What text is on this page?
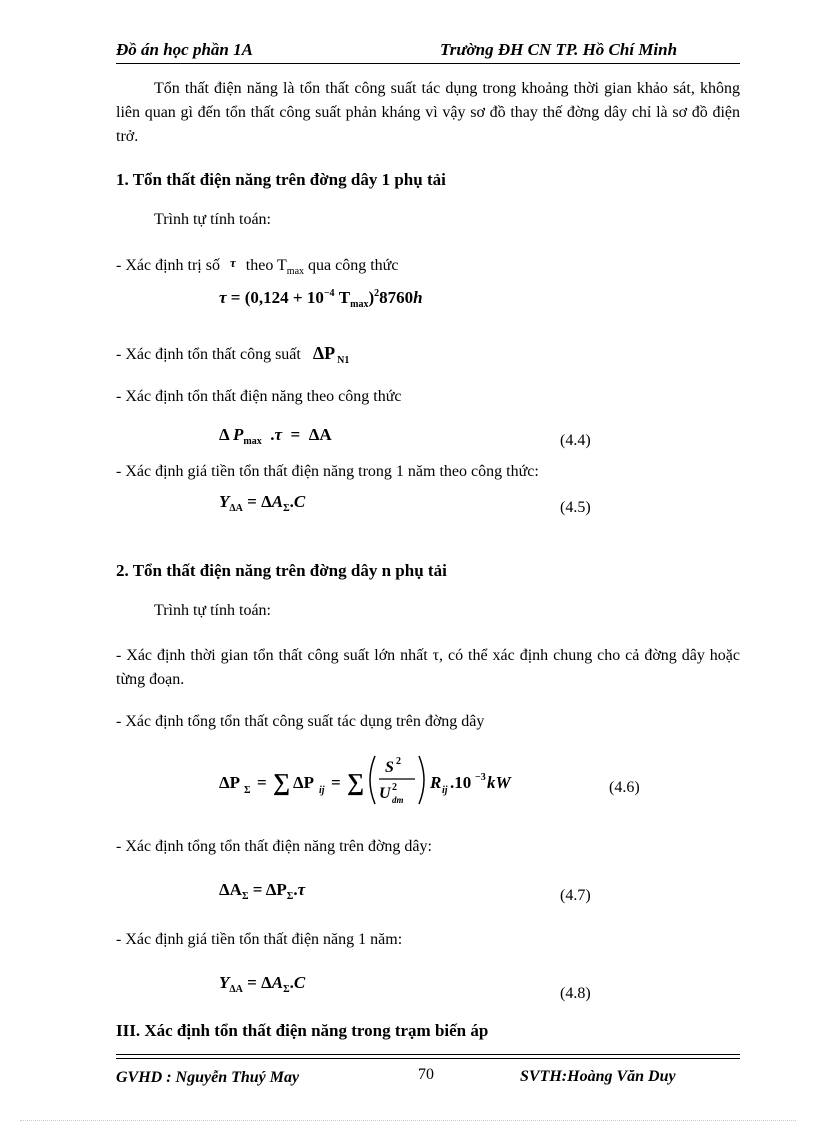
Đồ án học phần 1A	Trường ĐH CN TP. Hồ Chí Minh
Tổn thất điện năng là tổn thất công suất tác dụng trong khoảng thời gian khảo sát, không liên quan gì đến tổn thất công suất phản kháng vì vậy sơ đồ thay thế đờng dây chỉ là sơ đồ điện trở.
1. Tổn thất điện năng trên đờng dây 1 phụ tải
Trình tự tính toán:
- Xác định trị số τ theo $T_{max}$ qua công thức
$\tau = (0,124 + 10^{-4}$ $T_{max})^28760h$
- Xác định tổn thất công suất ΔP $_{N1}$
- Xác định tổn thất điện năng theo công thức
Δ $P_{max}$  .τ  =  ΔA	(4.4)
- Xác định giá tiền tổn thất điện năng trong 1 năm theo công thức:
$Y_{\Delta A} = \Delta A_\Sigma.C$	(4.5)
2. Tổn thất điện năng trên đờng dây n phụ tải
Trình tự tính toán:
- Xác định thời gian tổn thất công suất lớn nhất τ, có thể xác định chung cho cả đờng dây hoặc từng đoạn.
- Xác định tổng tổn thất công suất tác dụng trên đờng dây
ΔP Σ = ∑ ΔP ij = ∑
S 2
U 2
dm
R ij .10 −3 kW	(4.6)
- Xác định tổng tổn thất điện năng trên đờng dây:
$\Delta A_\Sigma = \Delta P_\Sigma.\tau$	(4.7)
- Xác định giá tiền tổn thất điện năng 1 năm:
$Y_{\Delta A} = \Delta A_\Sigma.C$
(4.8)
III. Xác định tổn thất điện năng trong trạm biến áp
GVHD : Nguyễn Thuý May	70	SVTH:Hoàng Văn Duy
